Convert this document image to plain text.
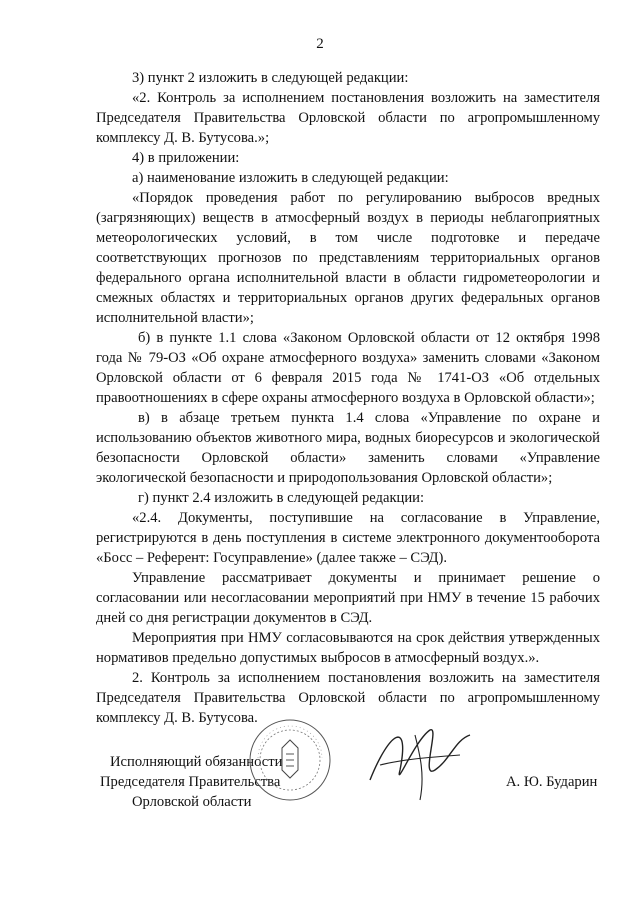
2

3) пункт 2 изложить в следующей редакции:

«2. Контроль за исполнением постановления возложить на заместителя Председателя Правительства Орловской области по агропромышленному комплексу Д. В. Бутусова.»;

4) в приложении:

а) наименование изложить в следующей редакции:

«Порядок проведения работ по регулированию выбросов вредных (загрязняющих) веществ в атмосферный воздух в периоды неблагоприятных метеорологических условий, в том числе подготовке и передаче соответствующих прогнозов по представлениям территориальных органов федерального органа исполнительной власти в области гидрометеорологии и смежных областях и территориальных органов других федеральных органов исполнительной власти»;

б) в пункте 1.1 слова «Законом Орловской области от 12 октября 1998 года № 79-ОЗ «Об охране атмосферного воздуха» заменить словами «Законом Орловской области от 6 февраля 2015 года № 1741-ОЗ «Об отдельных правоотношениях в сфере охраны атмосферного воздуха в Орловской области»;

в) в абзаце третьем пункта 1.4 слова «Управление по охране и использованию объектов животного мира, водных биоресурсов и экологической безопасности Орловской области» заменить словами «Управление экологической безопасности и природопользования Орловской области»;

г) пункт 2.4 изложить в следующей редакции:

«2.4. Документы, поступившие на согласование в Управление, регистрируются в день поступления в системе электронного документооборота «Босс – Референт: Госуправление» (далее также – СЭД).

Управление рассматривает документы и принимает решение о согласовании или несогласовании мероприятий при НМУ в течение 15 рабочих дней со дня регистрации документов в СЭД.

Мероприятия при НМУ согласовываются на срок действия утвержденных нормативов предельно допустимых выбросов в атмосферный воздух.».

2. Контроль за исполнением постановления возложить на заместителя Председателя Правительства Орловской области по агропромышленному комплексу Д. В. Бутусова.

Исполняющий обязанности
Председателя Правительства
Орловской области
А. Ю. Бударин
